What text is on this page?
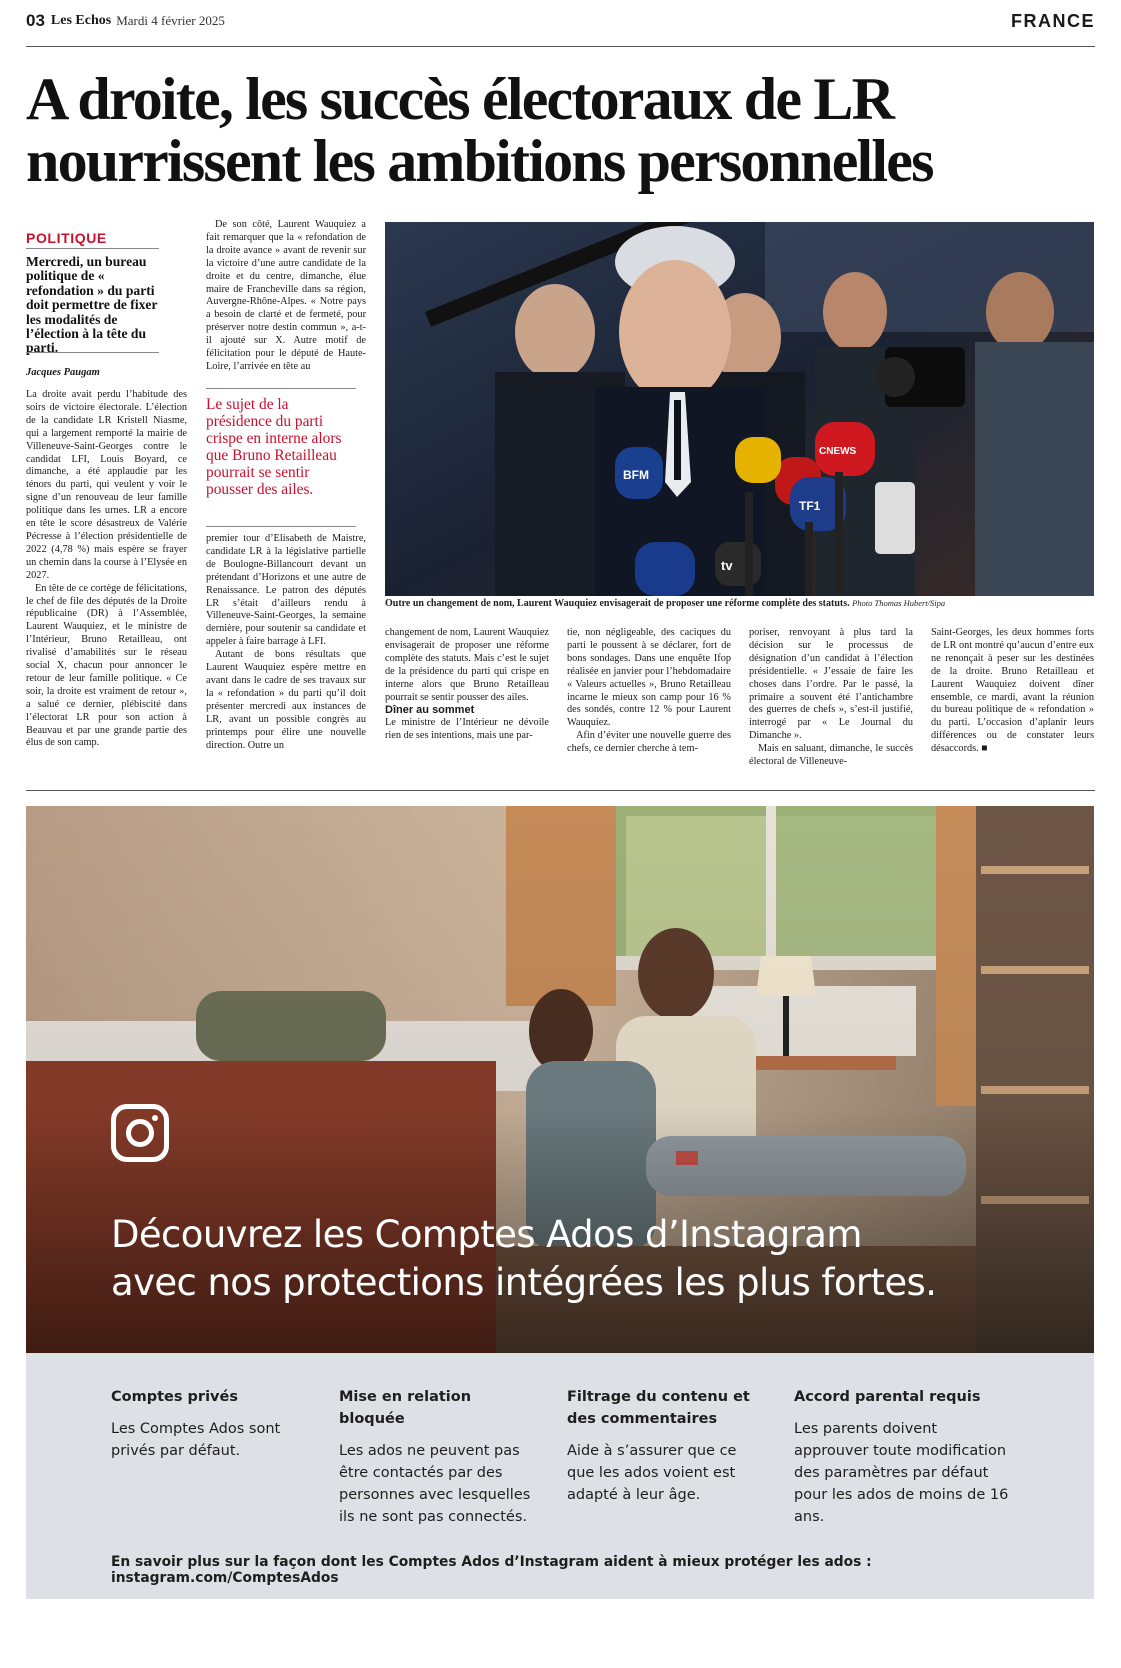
03 Les Echos Mardi 4 février 2025	FRANCE
A droite, les succès électoraux de LR
nourrissent les ambitions personnelles
POLITIQUE
Mercredi, un bureau politique de « refondation » du parti doit permettre de fixer les modalités de l’élection à la tête du parti.
Jacques Paugam

La droite avait perdu l’habitude des soirs de victoire électorale. L’élection de la candidate LR Kristell Niasme, qui a largement remporté la mairie de Villeneuve-Saint-Georges contre le candidat LFI, Louis Boyard, ce dimanche, a été applaudie par les ténors du parti, qui veulent y voir le signe d’un renouveau de leur famille politique dans les urnes. LR a encore en tête le score désastreux de Valérie Pécresse à l’élection présidentielle de 2022 (4,78 %) mais espère se frayer un chemin dans la course à l’Elysée en 2027.

En tête de ce cortège de félicitations, le chef de file des députés de la Droite républicaine (DR) à l’Assemblée, Laurent Wauquiez, et le ministre de l’Intérieur, Bruno Retailleau, ont rivalisé d’amabilités sur le réseau social X, chacun pour annoncer le retour de leur famille politique. « Ce soir, la droite est vraiment de retour », a salué ce dernier, plébiscité dans l’électorat LR pour son action à Beauvau et par une grande partie des élus de son camp.

De son côté, Laurent Wauquiez a fait remarquer que la « refondation de la droite avance » avant de revenir sur la victoire d’une autre candidate de la droite et du centre, dimanche, élue maire de Francheville dans sa région, Auvergne-Rhône-Alpes. « Notre pays a besoin de clarté et de fermeté, pour préserver notre destin commun », a-t-il ajouté sur X. Autre motif de félicitation pour le député de Haute-Loire, l’arrivée en tête au

Le sujet de la présidence du parti crispe en interne alors que Bruno Retailleau pourrait se sentir pousser des ailes.

premier tour d’Elisabeth de Maistre, candidate LR à la législative partielle de Boulogne-Billancourt devant un prétendant d’Horizons et une autre de Renaissance. Le patron des députés LR s’était d’ailleurs rendu à Villeneuve-Saint-Georges, la semaine dernière, pour soutenir sa candidate et appeler à faire barrage à LFI.

Autant de bons résultats que Laurent Wauquiez espère mettre en avant dans le cadre de ses travaux sur la « refondation » du parti qu’il doit présenter mercredi aux instances de LR, avant un possible congrès au printemps pour élire une nouvelle direction. Outre un

BFM
CNEWS
TF1
tv
Outre un changement de nom, Laurent Wauquiez envisagerait de proposer une réforme complète des statuts. Photo Thomas Hubert/Sipa

changement de nom, Laurent Wauquiez envisagerait de proposer une réforme complète des statuts. Mais c’est le sujet de la présidence du parti qui crispe en interne alors que Bruno Retailleau pourrait se sentir pousser des ailes.

Dîner au sommet

Le ministre de l’Intérieur ne dévoile rien de ses intentions, mais une par-

tie, non négligeable, des caciques du parti le poussent à se déclarer, fort de bons sondages. Dans une enquête Ifop réalisée en janvier pour l’hebdomadaire « Valeurs actuelles », Bruno Retailleau incarne le mieux son camp pour 16 % des sondés, contre 12 % pour Laurent Wauquiez.

Afin d’éviter une nouvelle guerre des chefs, ce dernier cherche à tem-

poriser, renvoyant à plus tard la décision sur le processus de désignation d’un candidat à l’élection présidentielle. « J’essaie de faire les choses dans l’ordre. Par le passé, la primaire a souvent été l’antichambre des guerres de chefs », s’est-il justifié, interrogé par « Le Journal du Dimanche ».

Mais en saluant, dimanche, le succès électoral de Villeneuve-

Saint-Georges, les deux hommes forts de LR ont montré qu’aucun d’entre eux ne renonçait à peser sur les destinées de la droite. Bruno Retailleau et Laurent Wauquiez doivent dîner ensemble, ce mardi, avant la réunion du bureau politique de « refondation » du parti. L’occasion d’aplanir leurs différences ou de constater leurs désaccords. ■

Découvrez les Comptes Ados d’Instagram
avec nos protections intégrées les plus fortes.
Comptes privés

Les Comptes Ados sont privés par défaut.

Mise en relation bloquée

Les ados ne peuvent pas être contactés par des personnes avec lesquelles ils ne sont pas connectés.

Filtrage du contenu et des commentaires

Aide à s’assurer que ce que les ados voient est adapté à leur âge.

Accord parental requis

Les parents doivent approuver toute modification des paramètres par défaut pour les ados de moins de 16 ans.

En savoir plus sur la façon dont les Comptes Ados d’Instagram aident à mieux protéger les ados : instagram.com/ComptesAdos
